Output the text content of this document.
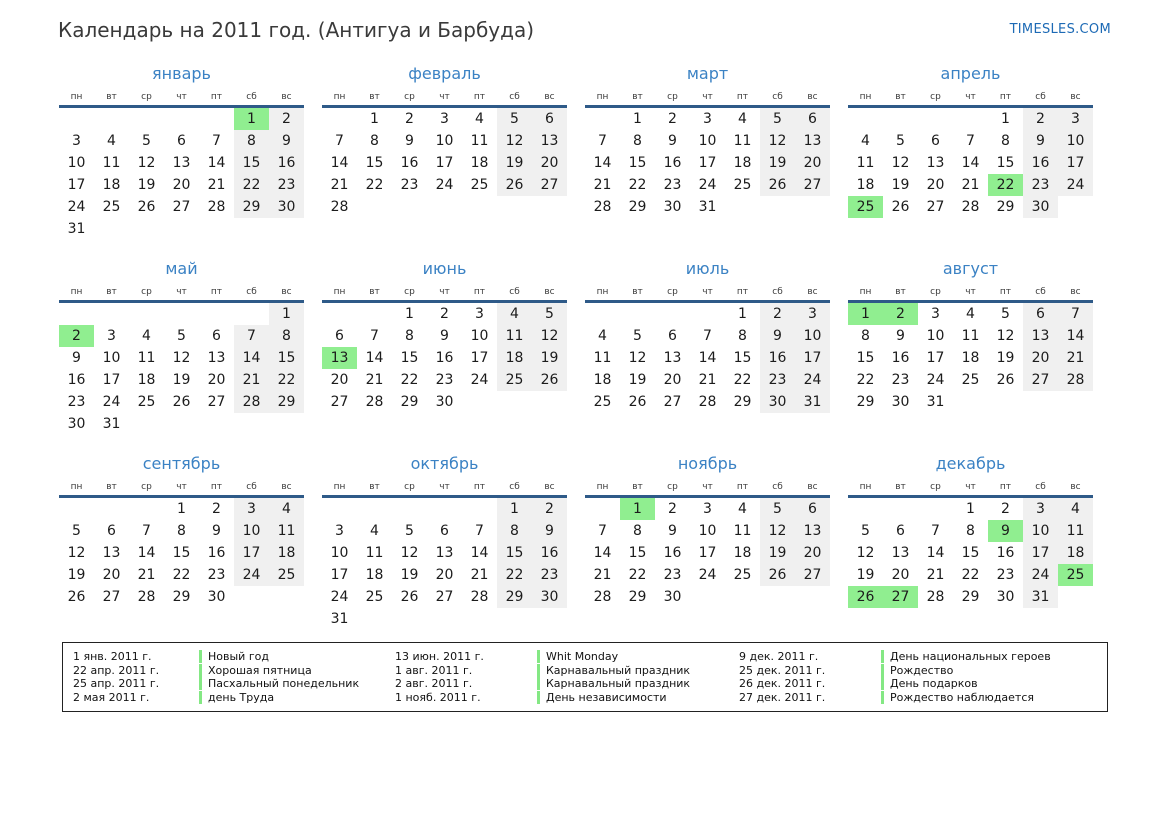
Календарь на 2011 год. (Антигуа и Барбуда)	TIMESLES.COM
январь
пн	вт	ср	чт	пт	сб	вс
					1	2
3	4	5	6	7	8	9
10	11	12	13	14	15	16
17	18	19	20	21	22	23
24	25	26	27	28	29	30
31						
февраль
пн	вт	ср	чт	пт	сб	вс
	1	2	3	4	5	6
7	8	9	10	11	12	13
14	15	16	17	18	19	20
21	22	23	24	25	26	27
28						
март
пн	вт	ср	чт	пт	сб	вс
	1	2	3	4	5	6
7	8	9	10	11	12	13
14	15	16	17	18	19	20
21	22	23	24	25	26	27
28	29	30	31			
апрель
пн	вт	ср	чт	пт	сб	вс
				1	2	3
4	5	6	7	8	9	10
11	12	13	14	15	16	17
18	19	20	21	22	23	24
25	26	27	28	29	30	
май
пн	вт	ср	чт	пт	сб	вс
						1
2	3	4	5	6	7	8
9	10	11	12	13	14	15
16	17	18	19	20	21	22
23	24	25	26	27	28	29
30	31					
июнь
пн	вт	ср	чт	пт	сб	вс
		1	2	3	4	5
6	7	8	9	10	11	12
13	14	15	16	17	18	19
20	21	22	23	24	25	26
27	28	29	30			
июль
пн	вт	ср	чт	пт	сб	вс
				1	2	3
4	5	6	7	8	9	10
11	12	13	14	15	16	17
18	19	20	21	22	23	24
25	26	27	28	29	30	31
август
пн	вт	ср	чт	пт	сб	вс
1	2	3	4	5	6	7
8	9	10	11	12	13	14
15	16	17	18	19	20	21
22	23	24	25	26	27	28
29	30	31				
сентябрь
пн	вт	ср	чт	пт	сб	вс
			1	2	3	4
5	6	7	8	9	10	11
12	13	14	15	16	17	18
19	20	21	22	23	24	25
26	27	28	29	30		
октябрь
пн	вт	ср	чт	пт	сб	вс
					1	2
3	4	5	6	7	8	9
10	11	12	13	14	15	16
17	18	19	20	21	22	23
24	25	26	27	28	29	30
31						
ноябрь
пн	вт	ср	чт	пт	сб	вс
	1	2	3	4	5	6
7	8	9	10	11	12	13
14	15	16	17	18	19	20
21	22	23	24	25	26	27
28	29	30				
декабрь
пн	вт	ср	чт	пт	сб	вс
			1	2	3	4
5	6	7	8	9	10	11
12	13	14	15	16	17	18
19	20	21	22	23	24	25
26	27	28	29	30	31	
1 янв. 2011 г.	Новый год	13 июн. 2011 г.	Whit Monday	9 дек. 2011 г.	День национальных героев
22 апр. 2011 г.	Хорошая пятница	1 авг. 2011 г.	Карнавальный праздник	25 дек. 2011 г.	Рождество
25 апр. 2011 г.	Пасхальный понедельник	2 авг. 2011 г.	Карнавальный праздник	26 дек. 2011 г.	День подарков
2 мая 2011 г.	день Труда	1 нояб. 2011 г.	День независимости	27 дек. 2011 г.	Рождество наблюдается
